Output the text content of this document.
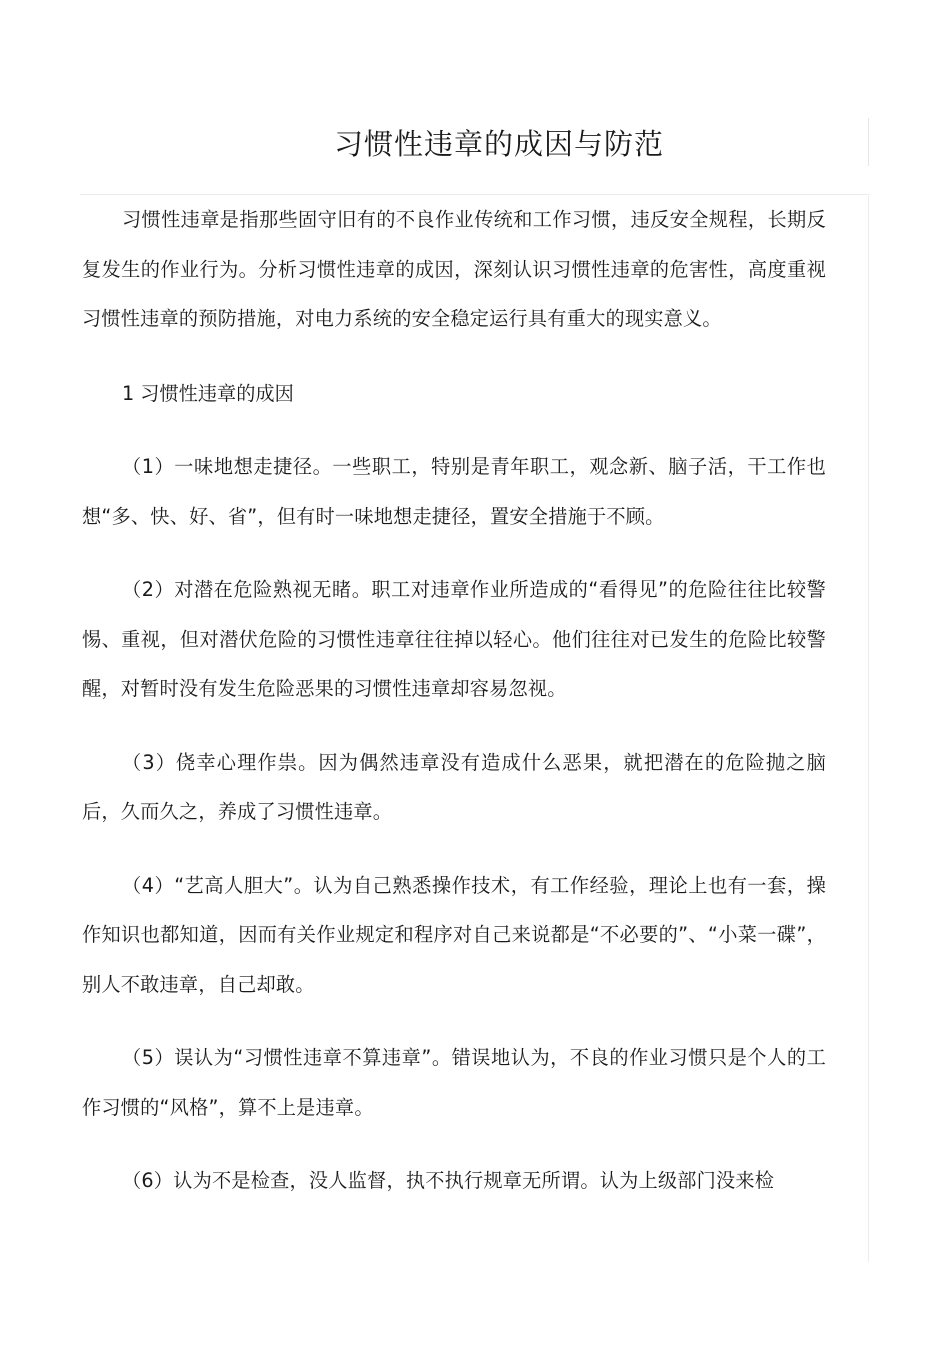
习惯性违章的成因与防范

习惯性违章是指那些固守旧有的不良作业传统和工作习惯，违反安全规程，长期反复发生的作业行为。分析习惯性违章的成因，深刻认识习惯性违章的危害性，高度重视习惯性违章的预防措施，对电力系统的安全稳定运行具有重大的现实意义。

1 习惯性违章的成因

（1）一味地想走捷径。一些职工，特别是青年职工，观念新、脑子活，干工作也想“多、快、好、省”，但有时一味地想走捷径，置安全措施于不顾。

（2）对潜在危险熟视无睹。职工对违章作业所造成的“看得见”的危险往往比较警惕、重视，但对潜伏危险的习惯性违章往往掉以轻心。他们往往对已发生的危险比较警醒，对暂时没有发生危险恶果的习惯性违章却容易忽视。

（3）侥幸心理作祟。因为偶然违章没有造成什么恶果，就把潜在的危险抛之脑后，久而久之，养成了习惯性违章。

（4）“艺高人胆大”。认为自己熟悉操作技术，有工作经验，理论上也有一套，操作知识也都知道，因而有关作业规定和程序对自己来说都是“不必要的”、“小菜一碟”，别人不敢违章，自己却敢。

（5）误认为“习惯性违章不算违章”。错误地认为，不良的作业习惯只是个人的工作习惯的“风格”，算不上是违章。

（6）认为不是检查，没人监督，执不执行规章无所谓。认为上级部门没来检
